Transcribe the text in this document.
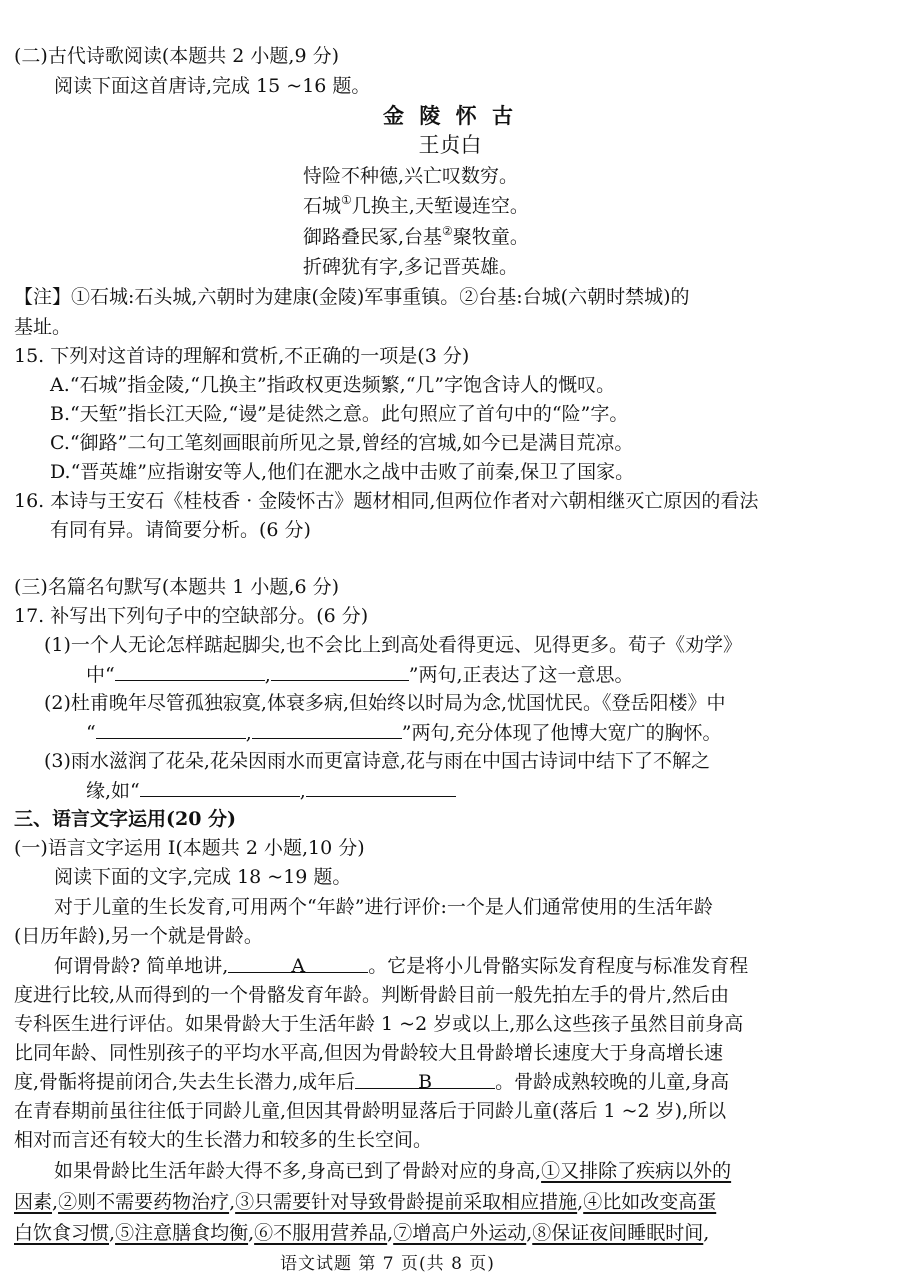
(二)古代诗歌阅读(本题共 2 小题,9 分)
阅读下面这首唐诗,完成 15 ~16 题。
金 陵 怀 古
王贞白
恃险不种德,兴亡叹数穷。
石城①几换主,天堑谩连空。
御路叠民冢,台基②聚牧童。
折碑犹有字,多记晋英雄。
【注】①石城:石头城,六朝时为建康(金陵)军事重镇。②台基:台城(六朝时禁城)的
基址。
15. 下列对这首诗的理解和赏析,不正确的一项是(3 分)
A.“石城”指金陵,“几换主”指政权更迭频繁,“几”字饱含诗人的慨叹。
B.“天堑”指长江天险,“谩”是徒然之意。此句照应了首句中的“险”字。
C.“御路”二句工笔刻画眼前所见之景,曾经的宫城,如今已是满目荒凉。
D.“晋英雄”应指谢安等人,他们在淝水之战中击败了前秦,保卫了国家。
16. 本诗与王安石《桂枝香 · 金陵怀古》题材相同,但两位作者对六朝相继灭亡原因的看法
有同有异。请简要分析。(6 分)
(三)名篇名句默写(本题共 1 小题,6 分)
17. 补写出下列句子中的空缺部分。(6 分)
(1)一个人无论怎样踮起脚尖,也不会比上到高处看得更远、见得更多。荀子《劝学》
中“	,	”两句,正表达了这一意思。
(2)杜甫晚年尽管孤独寂寞,体衰多病,但始终以时局为念,忧国忧民。《登岳阳楼》中
“	,	”两句,充分体现了他博大宽广的胸怀。
(3)雨水滋润了花朵,花朵因雨水而更富诗意,花与雨在中国古诗词中结下了不解之
缘,如“	,
三、语言文字运用(20 分)
(一)语言文字运用 Ⅰ(本题共 2 小题,10 分)
阅读下面的文字,完成 18 ~19 题。
对于儿童的生长发育,可用两个“年龄”进行评价:一个是人们通常使用的生活年龄
(日历年龄),另一个就是骨龄。
何谓骨龄? 简单地讲,	A	。它是将小儿骨骼实际发育程度与标准发育程
度进行比较,从而得到的一个骨骼发育年龄。判断骨龄目前一般先拍左手的骨片,然后由
专科医生进行评估。如果骨龄大于生活年龄 1 ~2 岁或以上,那么这些孩子虽然目前身高
比同年龄、同性别孩子的平均水平高,但因为骨龄较大且骨龄增长速度大于身高增长速
度,骨骺将提前闭合,失去生长潜力,成年后	B	。骨龄成熟较晚的儿童,身高
在青春期前虽往往低于同龄儿童,但因其骨龄明显落后于同龄儿童(落后 1 ~2 岁),所以
相对而言还有较大的生长潜力和较多的生长空间。
如果骨龄比生活年龄大得不多,身高已到了骨龄对应的身高,①又排除了疾病以外的
因素,②则不需要药物治疗,③只需要针对导致骨龄提前采取相应措施,④比如改变高蛋
白饮食习惯,⑤注意膳食均衡,⑥不服用营养品,⑦增高户外运动,⑧保证夜间睡眠时间,
语文试题 第 7 页(共 8 页)
